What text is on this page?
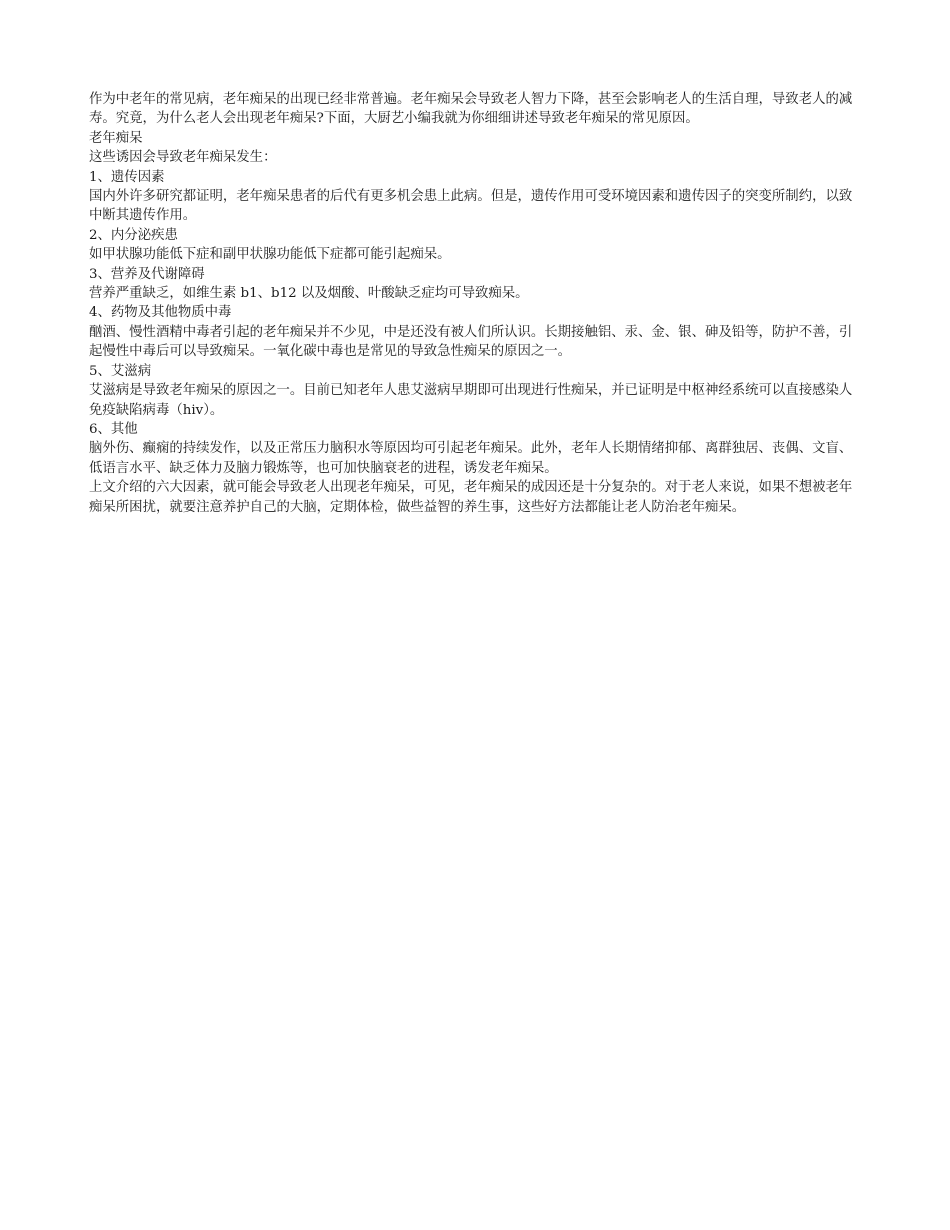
作为中老年的常见病，老年痴呆的出现已经非常普遍。老年痴呆会导致老人智力下降，甚至会影响老人的生活自理，导致老人的减寿。究竟，为什么老人会出现老年痴呆?下面，大厨艺小编我就为你细细讲述导致老年痴呆的常见原因。

老年痴呆

这些诱因会导致老年痴呆发生：

1、遗传因素

国内外许多研究都证明，老年痴呆患者的后代有更多机会患上此病。但是，遗传作用可受环境因素和遗传因子的突变所制约，以致中断其遗传作用。

2、内分泌疾患

如甲状腺功能低下症和副甲状腺功能低下症都可能引起痴呆。

3、营养及代谢障碍

营养严重缺乏，如维生素 b1、b12 以及烟酸、叶酸缺乏症均可导致痴呆。

4、药物及其他物质中毒

酗酒、慢性酒精中毒者引起的老年痴呆并不少见，中是还没有被人们所认识。长期接触铝、汞、金、银、砷及铅等，防护不善，引起慢性中毒后可以导致痴呆。一氧化碳中毒也是常见的导致急性痴呆的原因之一。

5、艾滋病

艾滋病是导致老年痴呆的原因之一。目前已知老年人患艾滋病早期即可出现进行性痴呆，并已证明是中枢神经系统可以直接感染人免疫缺陷病毒（hiv）。

6、其他

脑外伤、癫痫的持续发作，以及正常压力脑积水等原因均可引起老年痴呆。此外，老年人长期情绪抑郁、离群独居、丧偶、文盲、低语言水平、缺乏体力及脑力锻炼等，也可加快脑衰老的进程，诱发老年痴呆。

上文介绍的六大因素，就可能会导致老人出现老年痴呆，可见，老年痴呆的成因还是十分复杂的。对于老人来说，如果不想被老年痴呆所困扰，就要注意养护自己的大脑，定期体检，做些益智的养生事，这些好方法都能让老人防治老年痴呆。
